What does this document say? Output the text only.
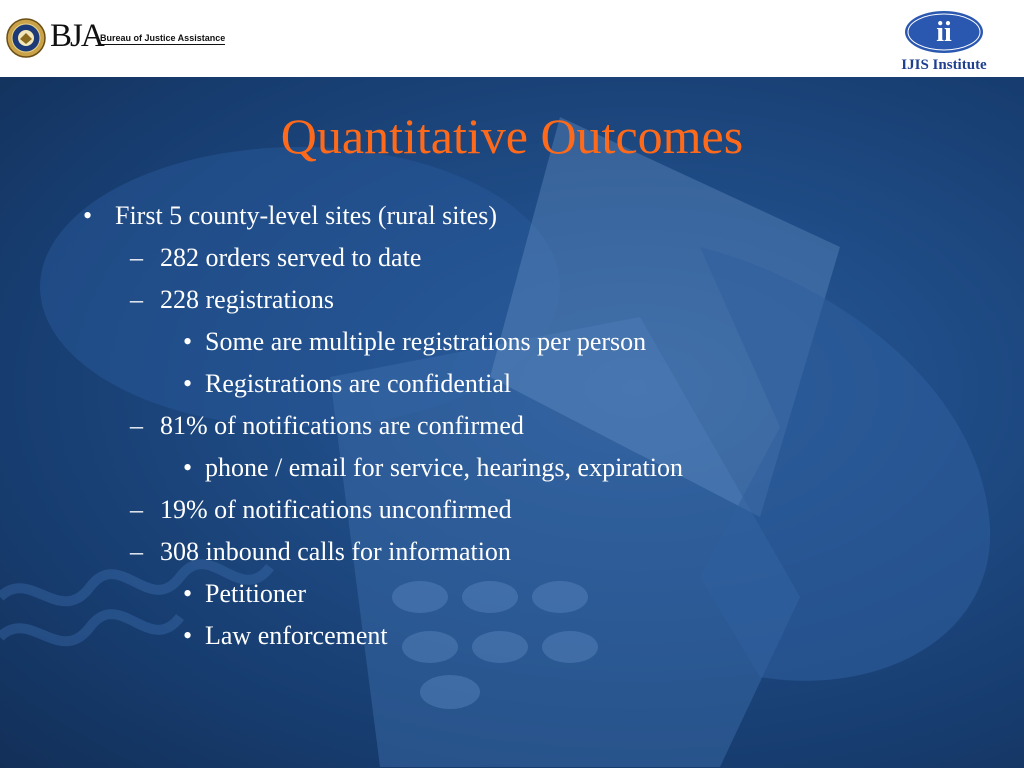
BJA
Bureau of Justice Assistance	ii
IJIS Institute
Quantitative Outcomes
• First 5 county-level sites (rural sites)
– 282 orders served to date
– 228 registrations
• Some are multiple registrations per person
• Registrations are confidential
– 81% of notifications are confirmed
• phone / email for service, hearings, expiration
– 19% of notifications unconfirmed
– 308 inbound calls for information
• Petitioner
• Law enforcement
